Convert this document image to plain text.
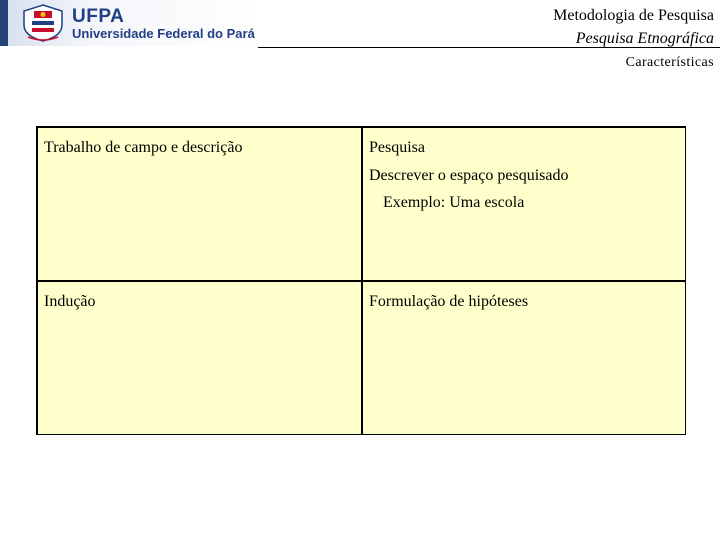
UFPA
Universidade Federal do Pará
Metodologia de Pesquisa
Pesquisa Etnográfica
Características
Trabalho de campo e descrição	Pesquisa
Descrever o espaço pesquisado
Exemplo: Uma escola
Indução	Formulação de hipóteses
